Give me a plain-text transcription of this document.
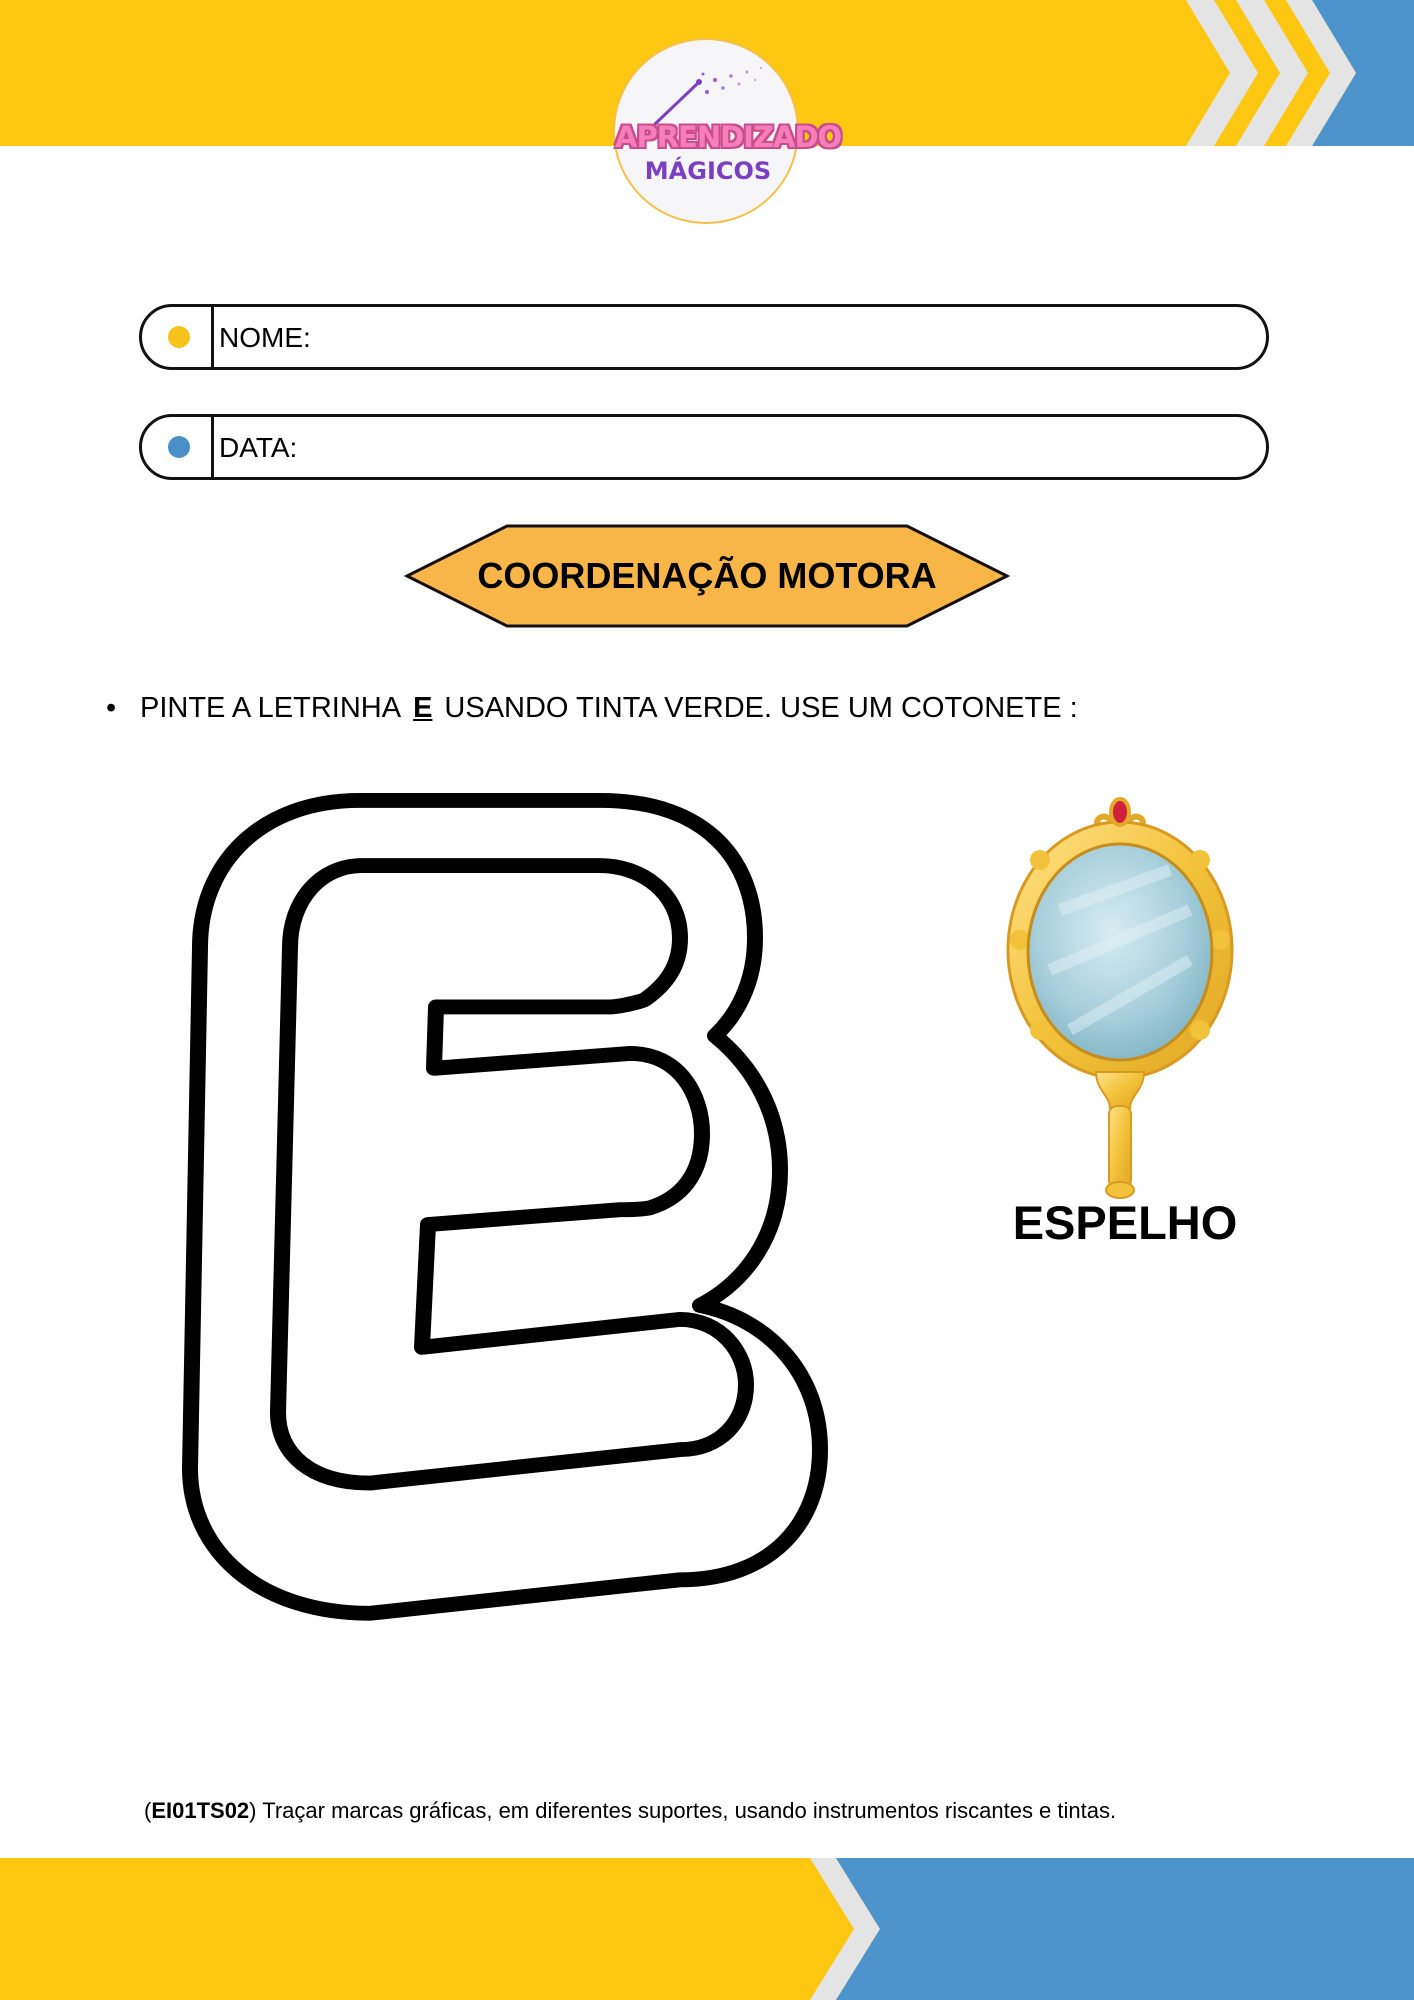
APRENDIZADO
MÁGICOS
NOME:
DATA:
COORDENAÇÃO MOTORA
• PINTE A LETRINHA E USANDO TINTA VERDE. USE UM COTONETE :
ESPELHO
(EI01TS02) Traçar marcas gráficas, em diferentes suportes, usando instrumentos riscantes e tintas.
